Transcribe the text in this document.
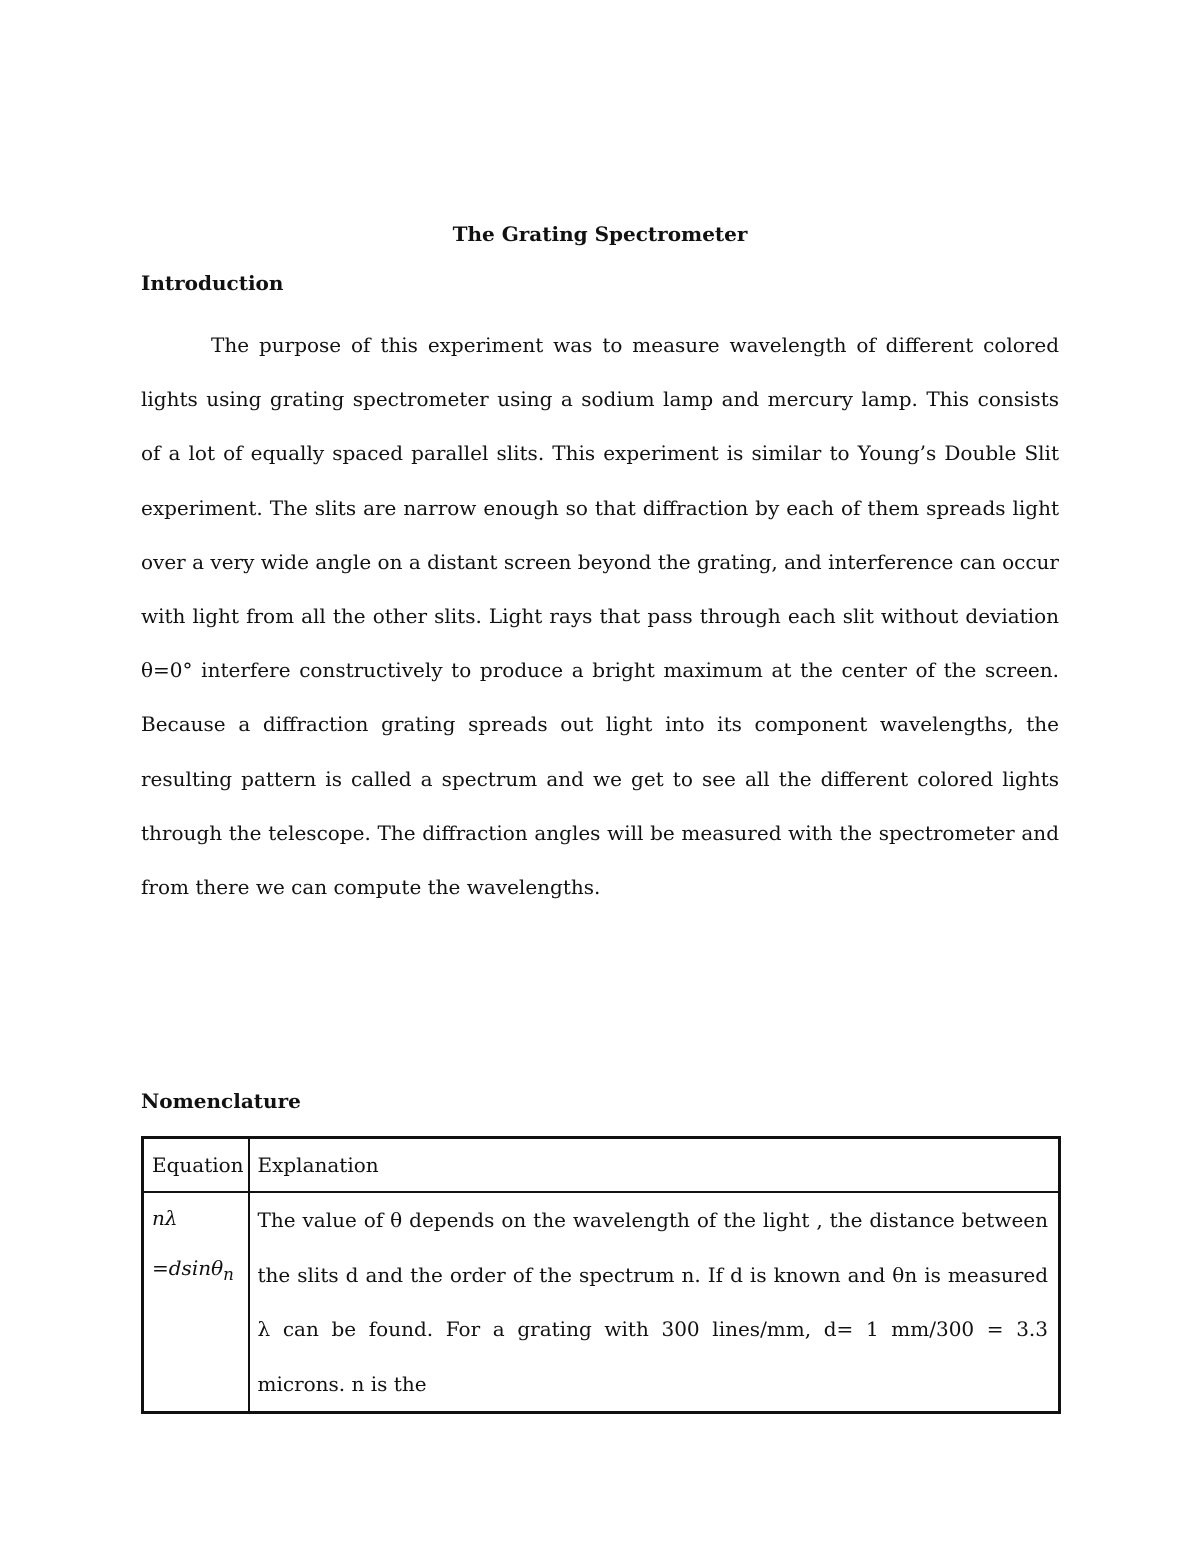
The Grating Spectrometer
Introduction

The purpose of this experiment was to measure wavelength of different colored lights using grating spectrometer using a sodium lamp and mercury lamp. This consists of a lot of equally spaced parallel slits. This experiment is similar to Young’s Double Slit experiment. The slits are narrow enough so that diffraction by each of them spreads light over a very wide angle on a distant screen beyond the grating, and interference can occur with light from all the other slits. Light rays that pass through each slit without deviation θ=0° interfere constructively to produce a bright maximum at the center of the screen. Because a diffraction grating spreads out light into its component wavelengths, the resulting pattern is called a spectrum and we get to see all the different colored lights through the telescope. The diffraction angles will be measured with the spectrometer and from there we can compute the wavelengths.

Nomenclature
Equation	Explanation
nλ =dsinθ$_n$	The value of θ depends on the wavelength of the light , the distance between the slits d and the order of the spectrum n. If d is known and θn is measured λ can be found. For a grating with 300 lines/mm, d= 1 mm/300 = 3.3 microns. n is the
